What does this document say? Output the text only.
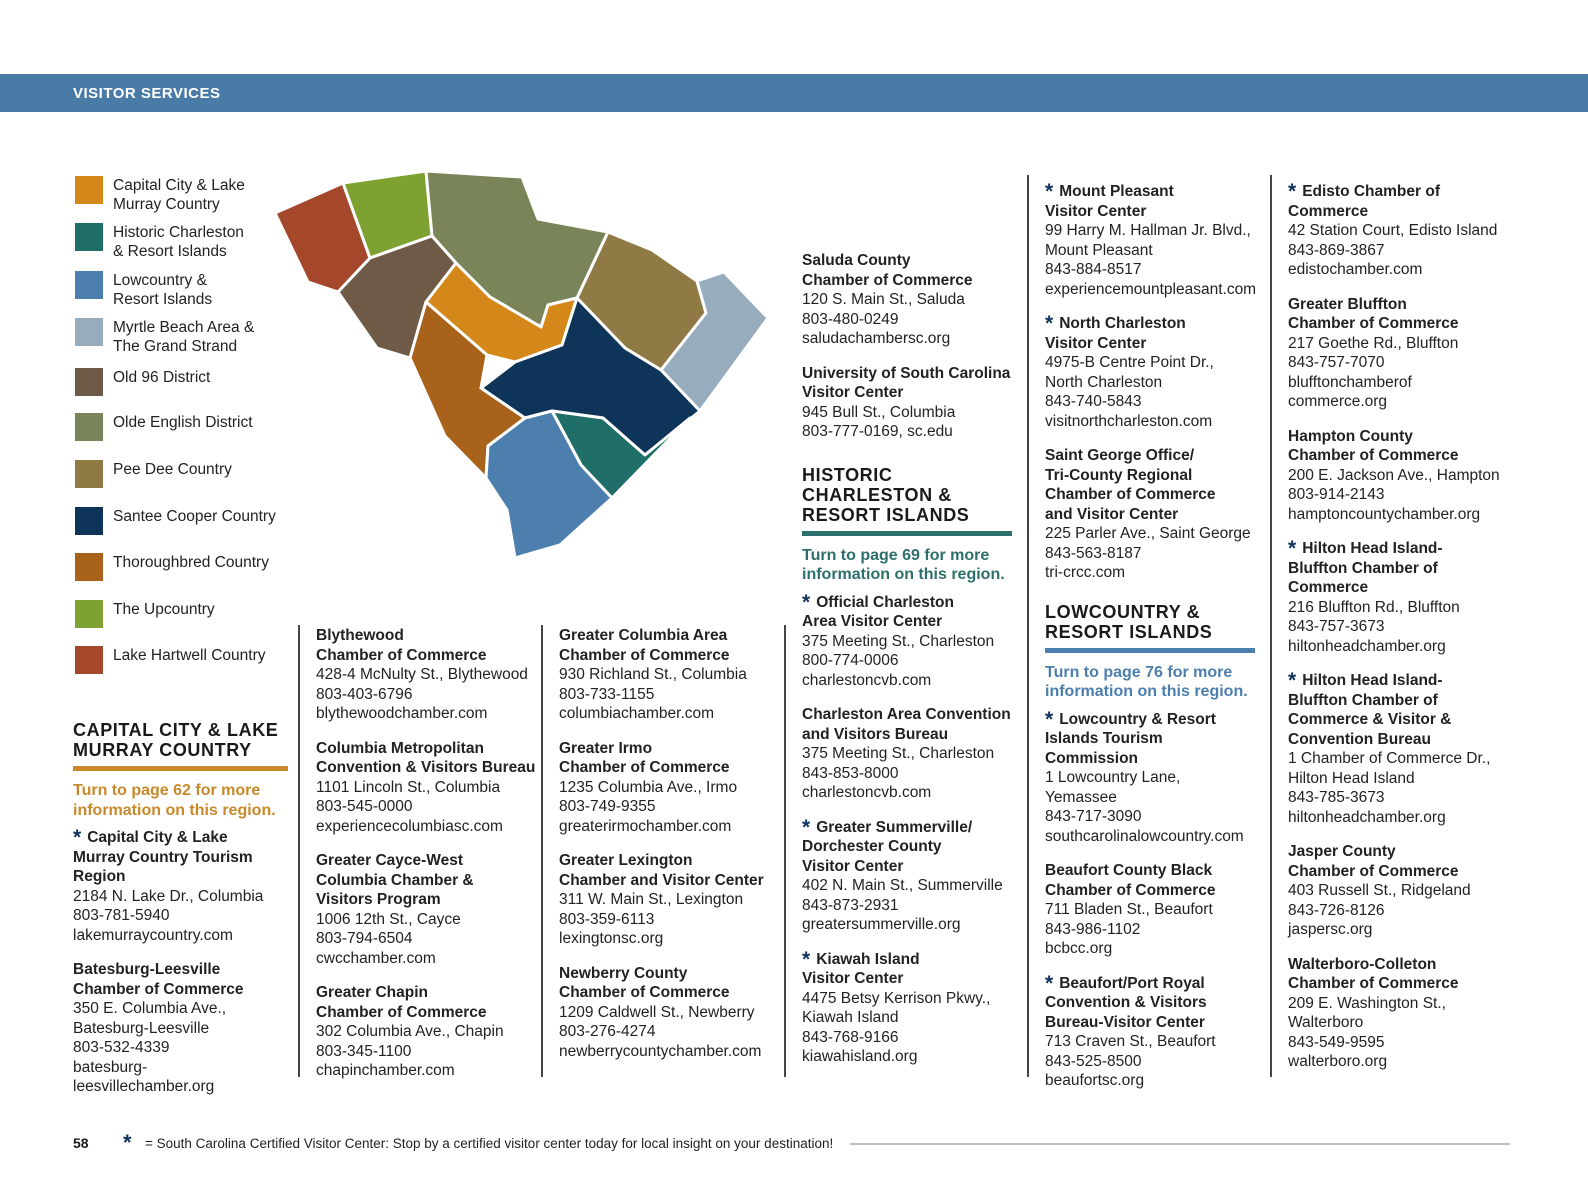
VISITOR SERVICES
Capital City & Lake
Murray Country
Historic Charleston
& Resort Islands
Lowcountry &
Resort Islands
Myrtle Beach Area &
The Grand Strand
Old 96 District
Olde English District
Pee Dee Country
Santee Cooper Country
Thoroughbred Country
The Upcountry
Lake Hartwell Country
CAPITAL CITY & LAKE
MURRAY COUNTRY
Turn to page 62 for more
information on this region.
* Capital City & Lake
Murray Country Tourism
Region
2184 N. Lake Dr., Columbia
803-781-5940
lakemurraycountry.com
Batesburg-Leesville
Chamber of Commerce
350 E. Columbia Ave.,
Batesburg-Leesville
803-532-4339
batesburg-leesvillechamber.org
Blythewood
Chamber of Commerce
428-4 McNulty St., Blythewood
803-403-6796
blythewoodchamber.com
Columbia Metropolitan
Convention & Visitors Bureau
1101 Lincoln St., Columbia
803-545-0000
experiencecolumbiasc.com
Greater Cayce-West
Columbia Chamber &
Visitors Program
1006 12th St., Cayce
803-794-6504
cwcchamber.com
Greater Chapin
Chamber of Commerce
302 Columbia Ave., Chapin
803-345-1100
chapinchamber.com
Greater Columbia Area
Chamber of Commerce
930 Richland St., Columbia
803-733-1155
columbiachamber.com
Greater Irmo
Chamber of Commerce
1235 Columbia Ave., Irmo
803-749-9355
greaterirmochamber.com
Greater Lexington
Chamber and Visitor Center
311 W. Main St., Lexington
803-359-6113
lexingtonsc.org
Newberry County
Chamber of Commerce
1209 Caldwell St., Newberry
803-276-4274
newberrycountychamber.com
Saluda County
Chamber of Commerce
120 S. Main St., Saluda
803-480-0249
saludachambersc.org
University of South Carolina
Visitor Center
945 Bull St., Columbia
803-777-0169, sc.edu
HISTORIC
CHARLESTON &
RESORT ISLANDS
Turn to page 69 for more
information on this region.
* Official Charleston
Area Visitor Center
375 Meeting St., Charleston
800-774-0006
charlestoncvb.com
Charleston Area Convention
and Visitors Bureau
375 Meeting St., Charleston
843-853-8000
charlestoncvb.com
* Greater Summerville/
Dorchester County
Visitor Center
402 N. Main St., Summerville
843-873-2931
greatersummerville.org
* Kiawah Island
Visitor Center
4475 Betsy Kerrison Pkwy.,
Kiawah Island
843-768-9166
kiawahisland.org
* Mount Pleasant
Visitor Center
99 Harry M. Hallman Jr. Blvd.,
Mount Pleasant
843-884-8517
experiencemountpleasant.com
* North Charleston
Visitor Center
4975-B Centre Point Dr.,
North Charleston
843-740-5843
visitnorthcharleston.com
Saint George Office/
Tri-County Regional
Chamber of Commerce
and Visitor Center
225 Parler Ave., Saint George
843-563-8187
tri-crcc.com
LOWCOUNTRY &
RESORT ISLANDS
Turn to page 76 for more
information on this region.
* Lowcountry & Resort
Islands Tourism Commission
1 Lowcountry Lane, Yemassee
843-717-3090
southcarolinalowcountry.com
Beaufort County Black
Chamber of Commerce
711 Bladen St., Beaufort
843-986-1102
bcbcc.org
* Beaufort/Port Royal
Convention & Visitors
Bureau-Visitor Center
713 Craven St., Beaufort
843-525-8500
beaufortsc.org
* Edisto Chamber of
Commerce
42 Station Court, Edisto Island
843-869-3867
edistochamber.com
Greater Bluffton
Chamber of Commerce
217 Goethe Rd., Bluffton
843-757-7070
blufftonchamberof
commerce.org
Hampton County
Chamber of Commerce
200 E. Jackson Ave., Hampton
803-914-2143
hamptoncountychamber.org
* Hilton Head Island-
Bluffton Chamber of
Commerce
216 Bluffton Rd., Bluffton
843-757-3673
hiltonheadchamber.org
* Hilton Head Island-
Bluffton Chamber of
Commerce & Visitor &
Convention Bureau
1 Chamber of Commerce Dr.,
Hilton Head Island
843-785-3673
hiltonheadchamber.org
Jasper County
Chamber of Commerce
403 Russell St., Ridgeland
843-726-8126
jaspersc.org
Walterboro-Colleton
Chamber of Commerce
209 E. Washington St.,
Walterboro
843-549-9595
walterboro.org
58 * = South Carolina Certified Visitor Center: Stop by a certified visitor center today for local insight on your destination!
